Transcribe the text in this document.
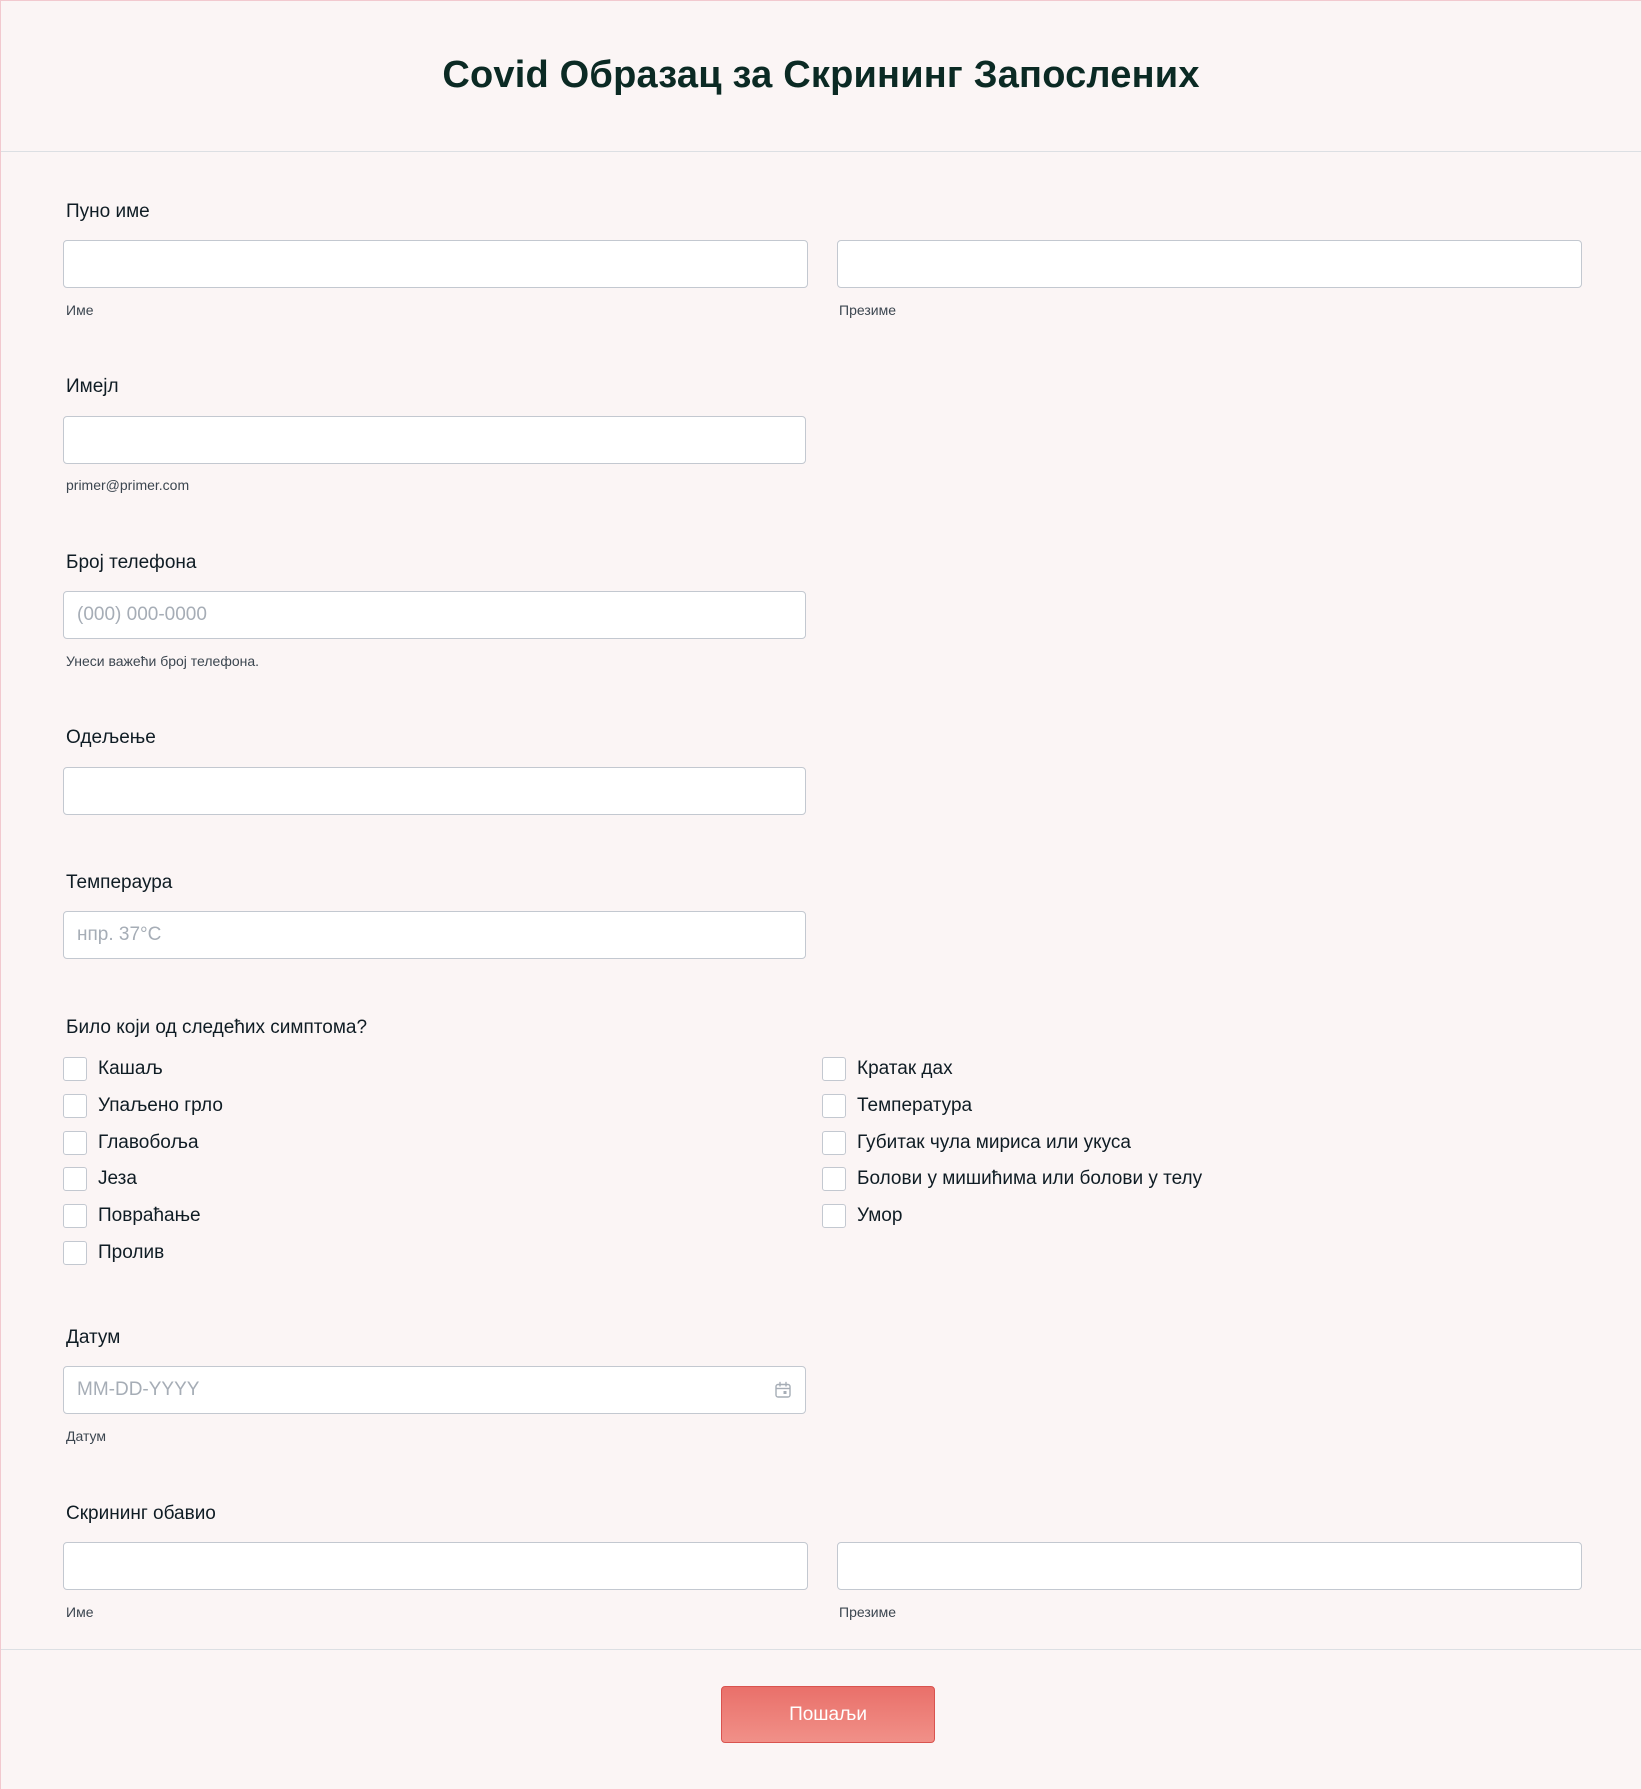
Covid Образац за Скрининг Запослених
Пуно име
Име	Презиме
Имејл
primer@primer.com
Број телефона
(000) 000-0000
Унеси важећи број телефона.
Одељење
Темпераура
нпр. 37°C
Било који од следећих симптома?
Кашаљ
Упаљено грло
Главобоља
Језа
Повраћање
Пролив
Кратак дах
Температура
Губитак чула мириса или укуса
Болови у мишићима или болови у телу
Умор
Датум
MM-DD-YYYY
Датум
Скрининг обавио
Име	Презиме
Пошаљи
